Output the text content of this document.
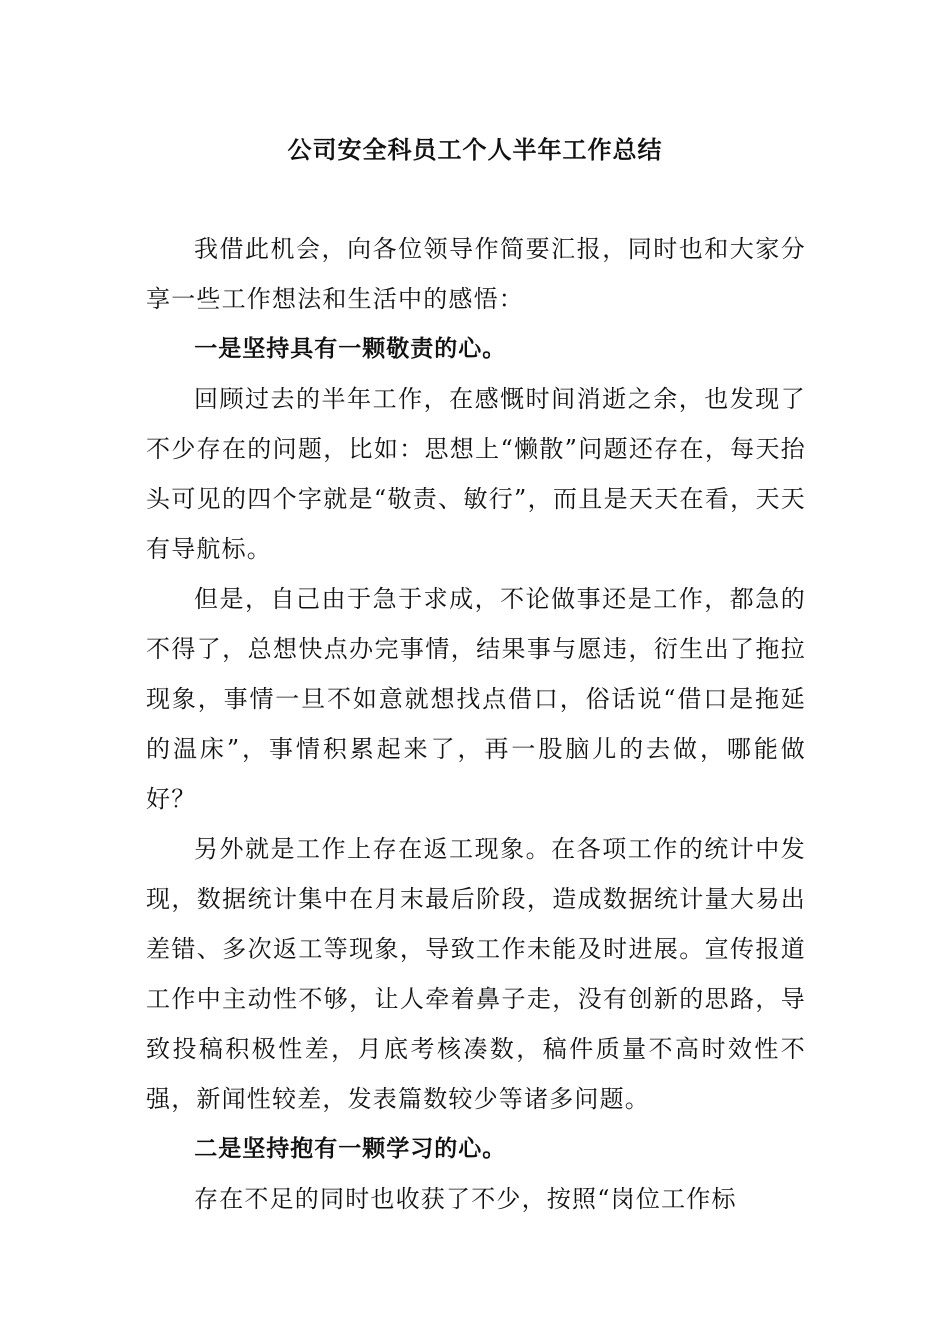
公司安全科员工个人半年工作总结

我借此机会，向各位领导作简要汇报，同时也和大家分享一些工作想法和生活中的感悟：

一是坚持具有一颗敬责的心。

回顾过去的半年工作，在感慨时间消逝之余，也发现了不少存在的问题，比如：思想上“懒散”问题还存在，每天抬头可见的四个字就是“敬责、敏行”，而且是天天在看，天天有导航标。

但是，自己由于急于求成，不论做事还是工作，都急的不得了，总想快点办完事情，结果事与愿违，衍生出了拖拉现象，事情一旦不如意就想找点借口，俗话说“借口是拖延的温床”，事情积累起来了，再一股脑儿的去做，哪能做好？

另外就是工作上存在返工现象。在各项工作的统计中发现，数据统计集中在月末最后阶段，造成数据统计量大易出差错、多次返工等现象，导致工作未能及时进展。宣传报道工作中主动性不够，让人牵着鼻子走，没有创新的思路，导致投稿积极性差，月底考核凑数，稿件质量不高时效性不强，新闻性较差，发表篇数较少等诸多问题。

二是坚持抱有一颗学习的心。

存在不足的同时也收获了不少，按照“岗位工作标
